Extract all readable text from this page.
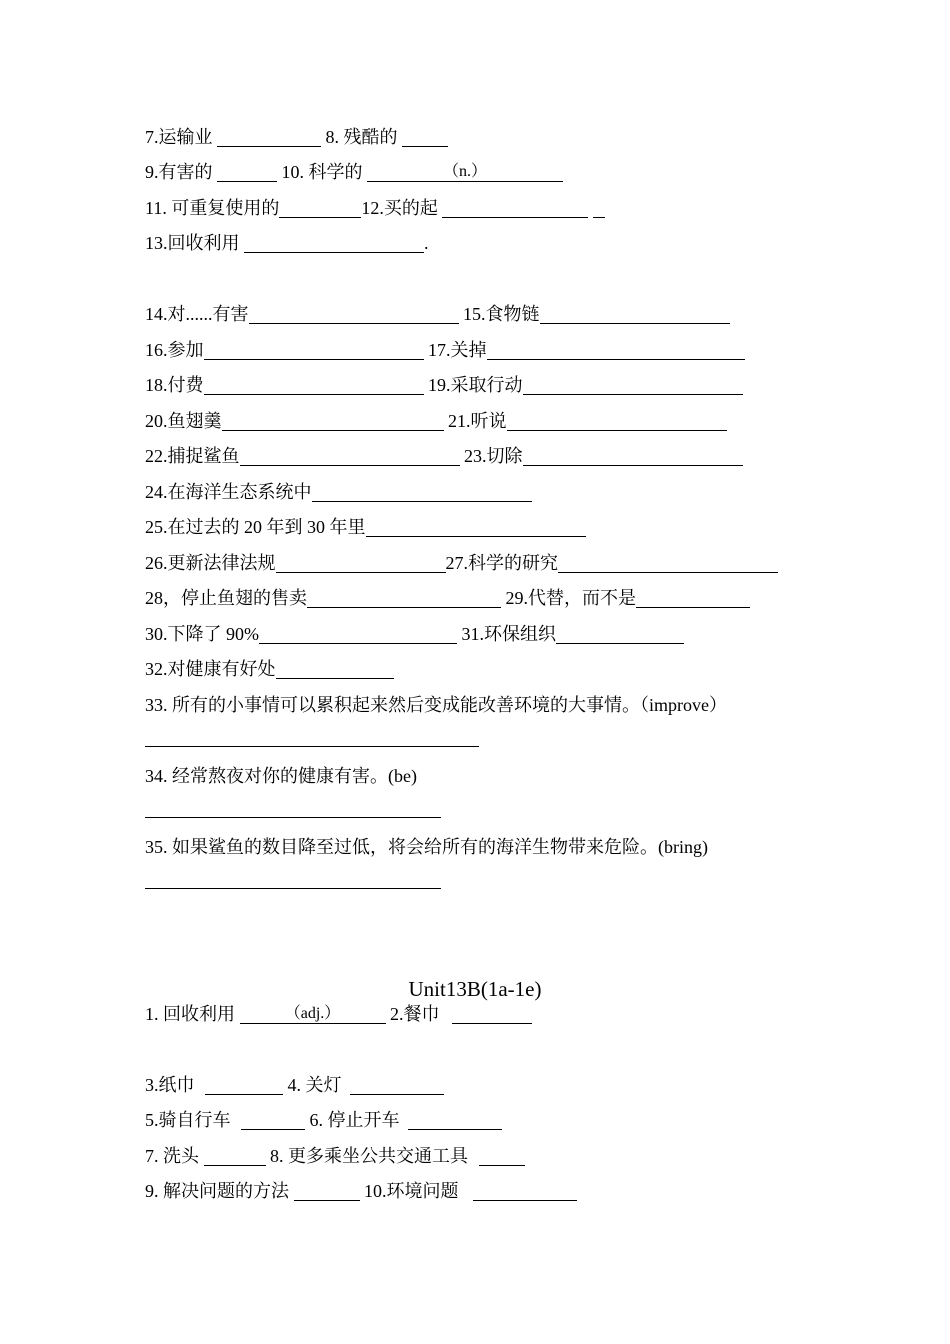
7.运输业	8. 残酷的
9.有害的	10. 科学的	（n.）
11. 可重复使用的	12.买的起
13.回收利用	.
14.对......有害	15.食物链
16.参加	17.关掉
18.付费	19.采取行动
20.鱼翅羹	21.听说
22.捕捉鲨鱼	23.切除
24.在海洋生态系统中
25.在过去的 20 年到 30 年里
26.更新法律法规	27.科学的研究
28，停止鱼翅的售卖	29.代替，而不是
30.下降了 90%	31.环保组织
32.对健康有好处
33. 所有的小事情可以累积起来然后变成能改善环境的大事情。（improve）
34. 经常熬夜对你的健康有害。(be)
35. 如果鲨鱼的数目降至过低，将会给所有的海洋生物带来危险。(bring)
Unit13B(1a-1e)
1. 回收利用	（adj.）	2.餐巾
3.纸巾	4. 关灯
5.骑自行车	6. 停止开车
7. 洗头	8. 更多乘坐公共交通工具
9. 解决问题的方法	10.环境问题
